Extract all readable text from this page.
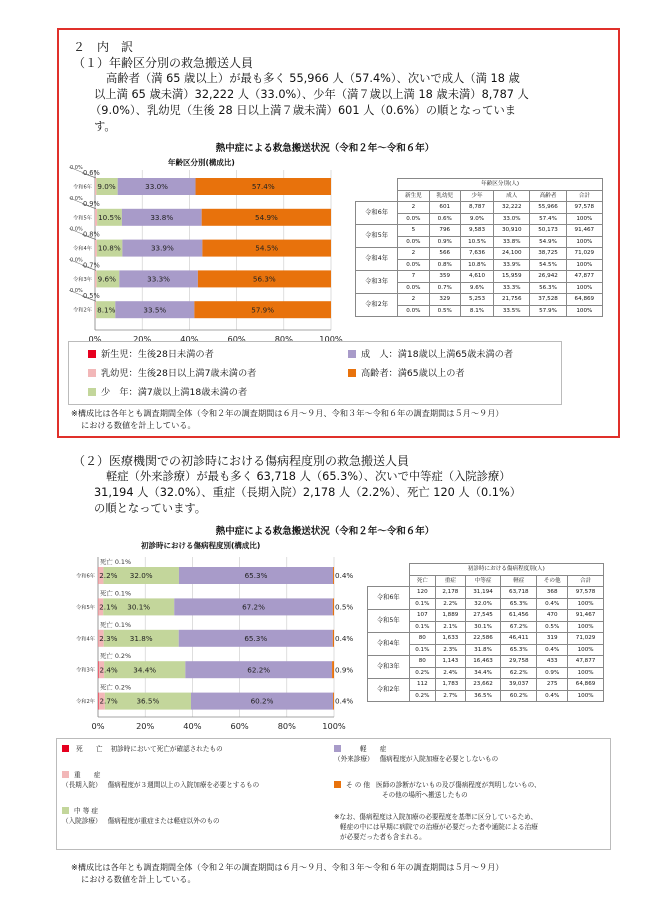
２　内　訳
（１）年齢区分別の救急搬送人員
高齢者（満 65 歳以上）が最も多く 55,966 人（57.4%）、次いで成人（満 18 歳
以上満 65 歳未満）32,222 人（33.0%）、少年（満７歳以上満 18 歳未満）8,787 人
（9.0%）、乳幼児（生後 28 日以上満７歳未満）601 人（0.6%）の順となっていま
す。
熱中症による救急搬送状況（令和２年～令和６年）
年齢区分別(構成比)
0%	20%	40%	60%	80%	100%
令和6年 9.0%	33.0%	57.4%
0.0%
0.6%
令和5年 10.5%	33.8%	54.9%
0.0%
0.9%
令和4年 10.8%	33.9%	54.5%
0.0%
0.8%
令和3年 9.6%	33.3%	56.3%
0.0%
0.7%
令和2年 8.1%	33.5%	57.9%
0.0%
0.5%
	年齢区分別(人)					
	新生児	乳幼児	少年	成人	高齢者	合計
令和6年	2	601	8,787	32,222	55,966	97,578
	0.0%	0.6%	9.0%	33.0%	57.4%	100%
令和5年	5	796	9,583	30,910	50,173	91,467
	0.0%	0.9%	10.5%	33.8%	54.9%	100%
令和4年	2	566	7,636	24,100	38,725	71,029
	0.0%	0.8%	10.8%	33.9%	54.5%	100%
令和3年	7	359	4,610	15,959	26,942	47,877
	0.0%	0.7%	9.6%	33.3%	56.3%	100%
令和2年	2	329	5,253	21,756	37,528	64,869
	0.0%	0.5%	8.1%	33.5%	57.9%	100%
新生児：生後28日未満の者	成　人：満18歳以上満65歳未満の者
乳幼児：生後28日以上満7歳未満の者	高齢者：満65歳以上の者
少　年：満7歳以上満18歳未満の者
※構成比は各年とも調査期間全体（令和２年の調査期間は６月～９月、令和３年～令和６年の調査期間は５月～９月）
における数値を計上している。
（２）医療機関での初診時における傷病程度別の救急搬送人員
軽症（外来診療）が最も多く 63,718 人（65.3%）、次いで中等症（入院診療）
31,194 人（32.0%）、重症（長期入院）2,178 人（2.2%）、死亡 120 人（0.1%）
の順となっています。
熱中症による救急搬送状況（令和２年～令和６年）
初診時における傷病程度別(構成比)
0%	20%	40%	60%	80%	100%
令和6年 2.2% 32.0%	65.3%	0.4%
死亡 0.1%
令和5年 2.1% 30.1%	67.2%	0.5%
死亡 0.1%
令和4年 2.3% 31.8%	65.3%	0.4%
死亡 0.1%
令和3年 2.4% 34.4%	62.2%	0.9%
死亡 0.2%
令和2年 2.7%	36.5%	60.2%	0.4%
死亡 0.2%
	初診時における傷病程度別(人)					
	死亡	重症	中等症	軽症	その他	合計
令和6年	120	2,178	31,194	63,718	368	97,578
	0.1%	2.2%	32.0%	65.3%	0.4%	100%
令和5年	107	1,889	27,545	61,456	470	91,467
	0.1%	2.1%	30.1%	67.2%	0.5%	100%
令和4年	80	1,633	22,586	46,411	319	71,029
	0.1%	2.3%	31.8%	65.3%	0.4%	100%
令和3年	80	1,143	16,463	29,758	433	47,877
	0.2%	2.4%	34.4%	62.2%	0.9%	100%
令和2年	112	1,783	23,662	39,037	275	64,869
	0.2%	2.7%	36.5%	60.2%	0.4%	100%
死　　亡 初診時において死亡が確認されたもの
重　　症
（長期入院） 傷病程度が３週間以上の入院加療を必要とするもの
中 等 症
（入院診療） 傷病程度が重症または軽症以外のもの
軽　　症
（外来診療） 傷病程度が入院加療を必要としないもの
そ の 他 医師の診断がないもの及び傷病程度が判明しないもの、
その他の場所へ搬送したもの
※なお、傷病程度は入院加療の必要程度を基準に区分しているため、
軽症の中には早期に病院での治療が必要だった者や通院による治療
が必要だった者も含まれる。
※構成比は各年とも調査期間全体（令和２年の調査期間は６月～９月、令和３年～令和６年の調査期間は５月～９月）
における数値を計上している。
